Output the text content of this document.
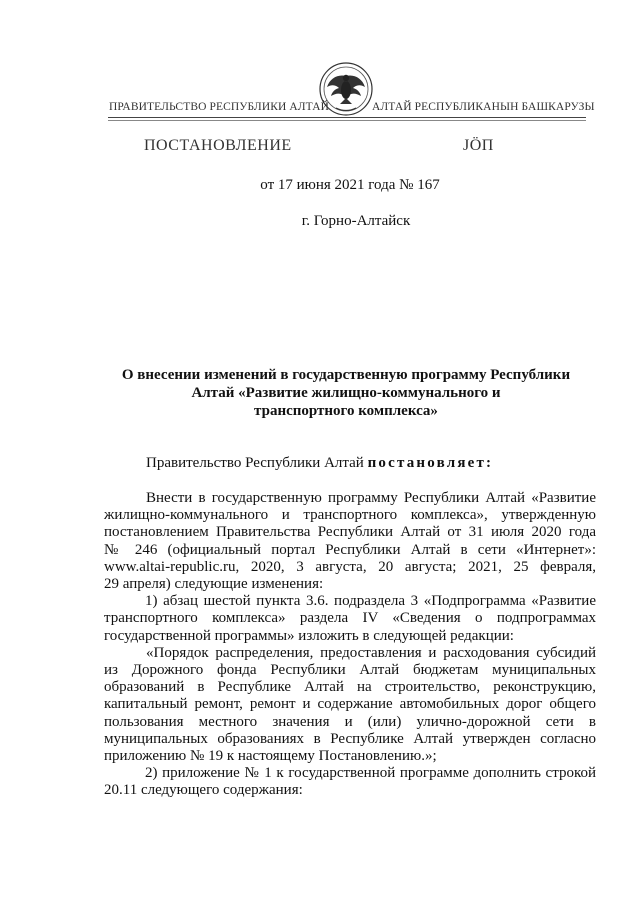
ПРАВИТЕЛЬСТВО РЕСПУБЛИКИ АЛТАЙ	АЛТАЙ РЕСПУБЛИКАНЫН БАШКАРУЗЫ
ПОСТАНОВЛЕНИЕ	JӦП
от 17 июня 2021 года № 167
г. Горно-Алтайск
О внесении изменений в государственную программу Республики
Алтай «Развитие жилищно-коммунального и
транспортного комплекса»
Правительство Республики Алтай постановляет:
Внести в государственную программу Республики Алтай «Развитие
жилищно-коммунального и транспортного комплекса», утвержденную
постановлением Правительства Республики Алтай от 31 июля 2020 года
№ 246 (официальный портал Республики Алтай в сети «Интернет»:
www.altai-republic.ru, 2020, 3 августа, 20 августа; 2021, 25 февраля,
29 апреля) следующие изменения:
1) абзац шестой пункта 3.6. подраздела 3 «Подпрограмма «Развитие
транспортного комплекса» раздела IV «Сведения о подпрограммах
государственной программы» изложить в следующей редакции:
«Порядок распределения, предоставления и расходования субсидий
из Дорожного фонда Республики Алтай бюджетам муниципальных
образований в Республике Алтай на строительство, реконструкцию,
капитальный ремонт, ремонт и содержание автомобильных дорог общего
пользования местного значения и (или) улично-дорожной сети в
муниципальных образованиях в Республике Алтай утвержден согласно
приложению № 19 к настоящему Постановлению.»;
2) приложение № 1 к государственной программе дополнить строкой
20.11 следующего содержания:
